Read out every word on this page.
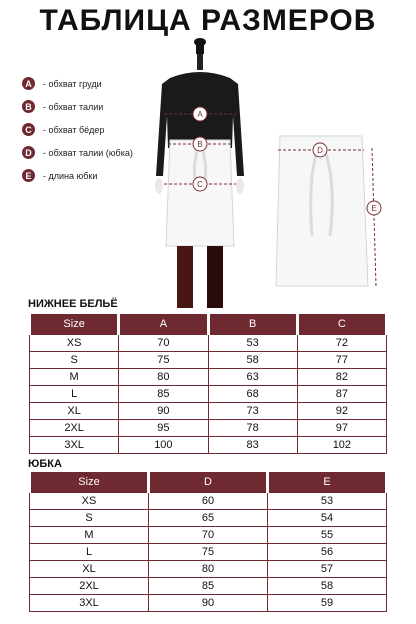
ТАБЛИЦА РАЗМЕРОВ
A	- обхват груди
B	- обхват талии
C	- обхват бёдер
D	- обхват талии (юбка)
E	- длина юбки
A
B
C
D
E
НИЖНЕЕ БЕЛЬЁ
Size	A	B	C
XS	70	53	72
S	75	58	77
M	80	63	82
L	85	68	87
XL	90	73	92
2XL	95	78	97
3XL	100	83	102
ЮБКА
Size	D	E
XS	60	53
S	65	54
M	70	55
L	75	56
XL	80	57
2XL	85	58
3XL	90	59
